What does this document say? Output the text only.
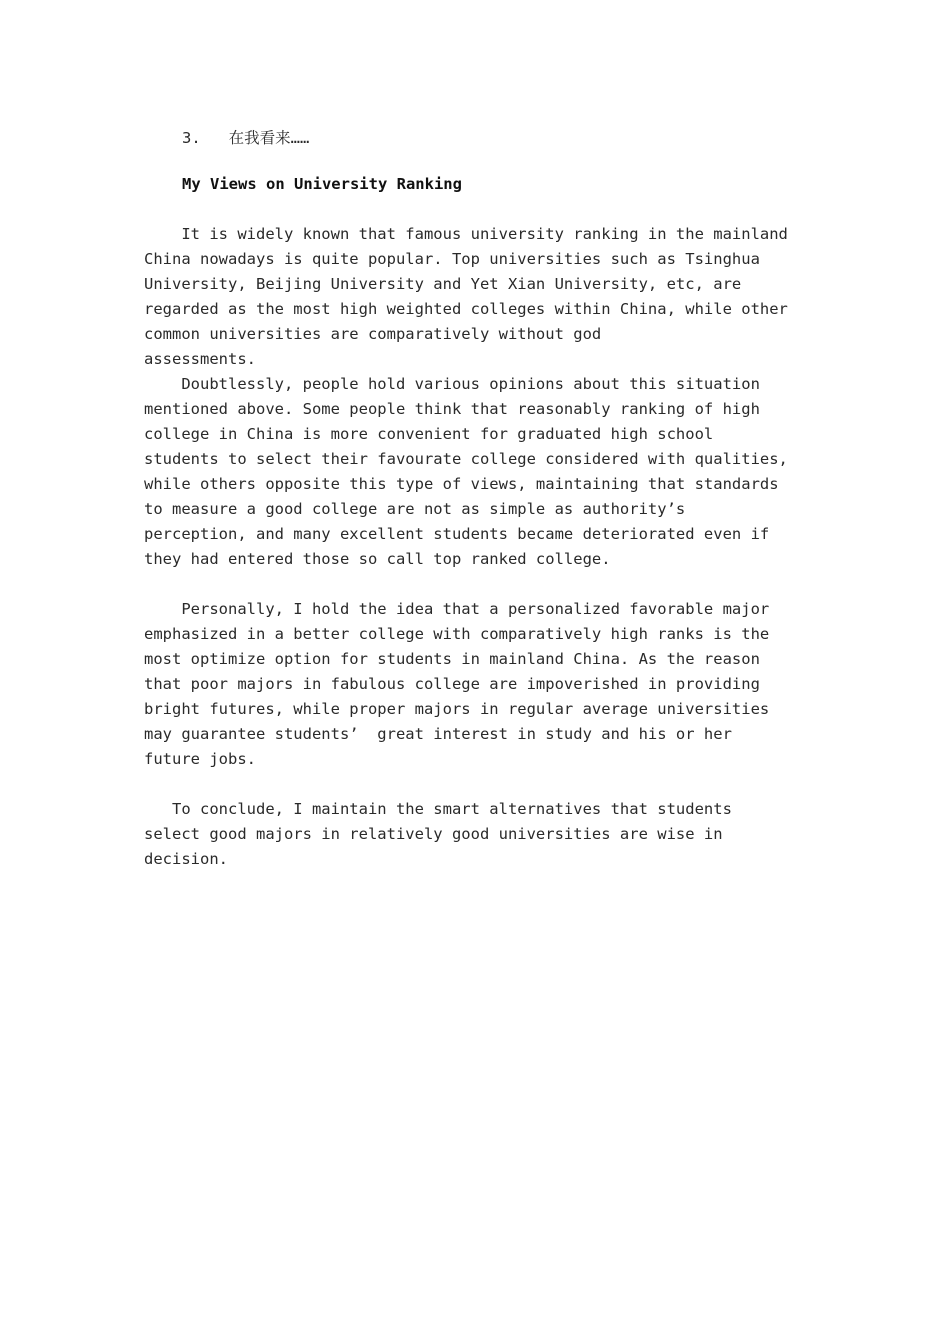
3. 在我看来……

My Views on University Ranking

It is widely known that famous university ranking in the mainland
China nowadays is quite popular. Top universities such as Tsinghua
University, Beijing University and Yet Xian University, etc, are
regarded as the most high weighted colleges within China, while other
common universities are comparatively without god
assessments.
Doubtlessly, people hold various opinions about this situation
mentioned above. Some people think that reasonably ranking of high
college in China is more convenient for graduated high school
students to select their favourate college considered with qualities,
while others opposite this type of views, maintaining that standards
to measure a good college are not as simple as authority’s
perception, and many excellent students became deteriorated even if
they had entered those so call top ranked college.
Personally, I hold the idea that a personalized favorable major
emphasized in a better college with comparatively high ranks is the
most optimize option for students in mainland China. As the reason
that poor majors in fabulous college are impoverished in providing
bright futures, while proper majors in regular average universities
may guarantee students’  great interest in study and his or her
future jobs.
To conclude, I maintain the smart alternatives that students
select good majors in relatively good universities are wise in
decision.
